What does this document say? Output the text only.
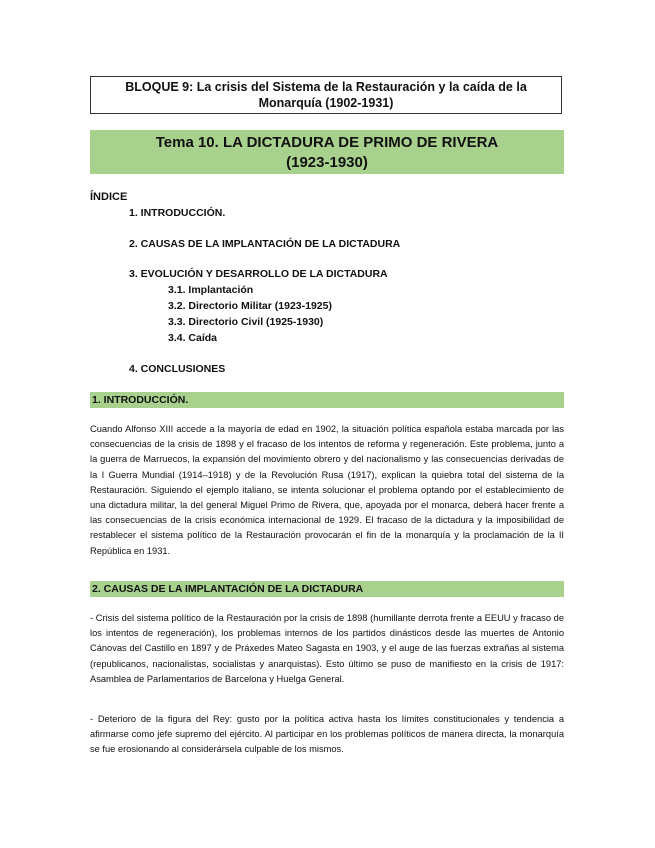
BLOQUE 9: La crisis del Sistema de la Restauración y la caída de la
Monarquía (1902-1931)
Tema 10. LA DICTADURA DE PRIMO DE RIVERA
(1923-1930)
ÍNDICE
1. INTRODUCCIÓN.
2. CAUSAS DE LA IMPLANTACIÓN DE LA DICTADURA
3. EVOLUCIÓN Y DESARROLLO DE LA DICTADURA
3.1. Implantación
3.2. Directorio Militar (1923-1925)
3.3. Directorio Civil (1925-1930)
3.4. Caída
4. CONCLUSIONES
1. INTRODUCCIÓN.

Cuando Alfonso XIII accede a la mayoría de edad en 1902, la situación política española estaba marcada por las consecuencias de la crisis de 1898 y el fracaso de los intentos de reforma y regeneración. Este problema, junto a la guerra de Marruecos, la expansión del movimiento obrero y del nacionalismo y las consecuencias derivadas de la I Guerra Mundial (1914–1918) y de la Revolución Rusa (1917), explican la quiebra total del sistema de la Restauración. Siguiendo el ejemplo italiano, se intenta solucionar el problema optando por el establecimiento de una dictadura militar, la del general Miguel Primo de Rivera, que, apoyada por el monarca, deberá hacer frente a las consecuencias de la crisis económica internacional de 1929. El fracaso de la dictadura y la imposibilidad de restablecer el sistema político de la Restauración provocarán el fin de la monarquía y la proclamación de la II República en 1931.

2. CAUSAS DE LA IMPLANTACIÓN DE LA DICTADURA

- Crisis del sistema político de la Restauración por la crisis de 1898 (humillante derrota frente a EEUU y fracaso de los intentos de regeneración), los problemas internos de los partidos dinásticos desde las muertes de Antonio Cánovas del Castillo en 1897 y de Práxedes Mateo Sagasta en 1903, y el auge de las fuerzas extrañas al sistema (republicanos, nacionalistas, socialistas y anarquistas). Esto último se puso de manifiesto en la crisis de 1917: Asamblea de Parlamentarios de Barcelona y Huelga General.

- Deterioro de la figura del Rey: gusto por la política activa hasta los límites constitucionales y tendencia a afirmarse como jefe supremo del ejército. Al participar en los problemas políticos de manera directa, la monarquía se fue erosionando al considerársela culpable de los mismos.
